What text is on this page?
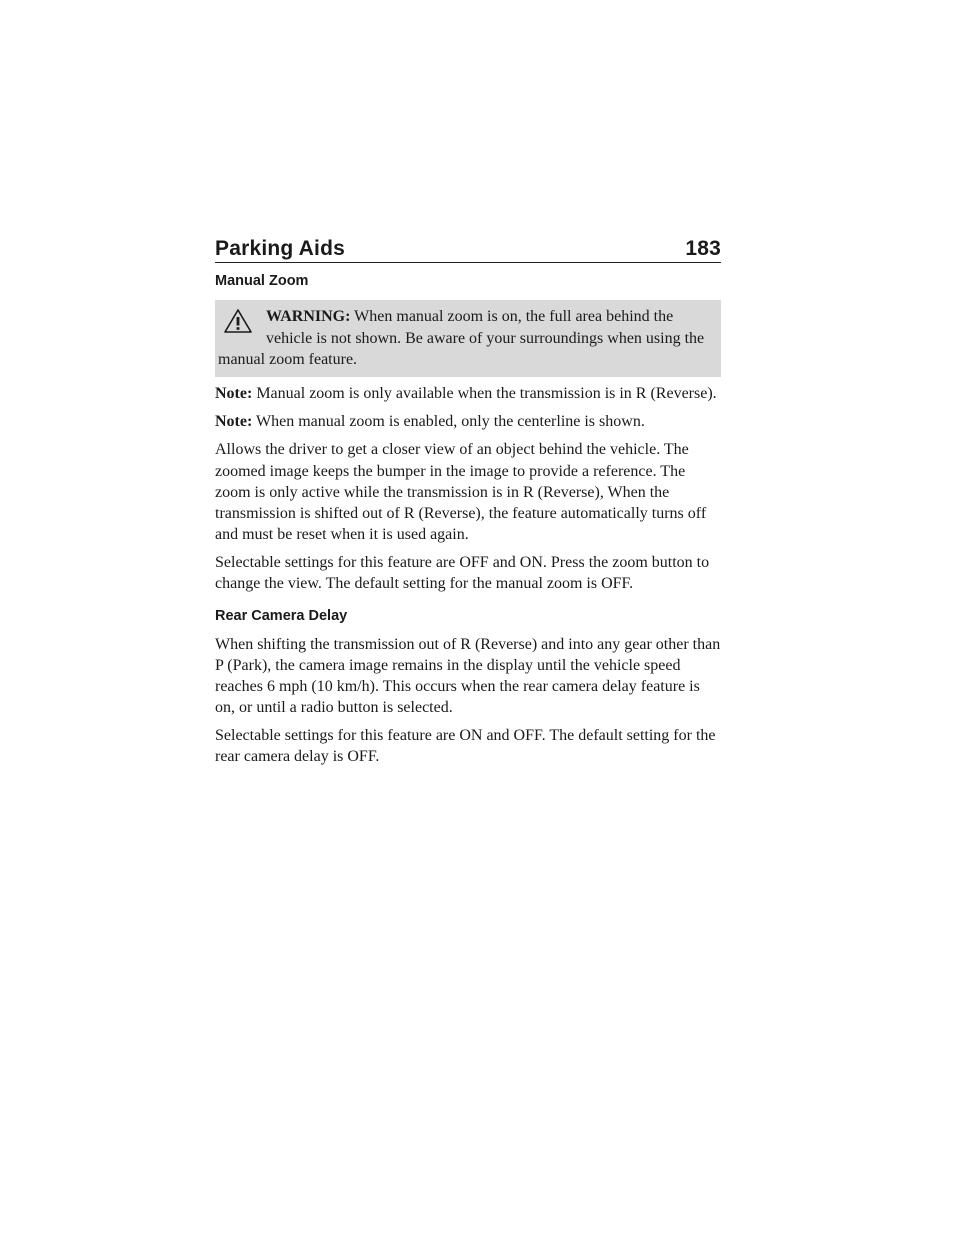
Parking Aids	183
Manual Zoom
WARNING: When manual zoom is on, the full area behind the vehicle is not shown. Be aware of your surroundings when using the manual zoom feature.

Note: Manual zoom is only available when the transmission is in R (Reverse).

Note: When manual zoom is enabled, only the centerline is shown.

Allows the driver to get a closer view of an object behind the vehicle. The zoomed image keeps the bumper in the image to provide a reference. The zoom is only active while the transmission is in R (Reverse), When the transmission is shifted out of R (Reverse), the feature automatically turns off and must be reset when it is used again.

Selectable settings for this feature are OFF and ON. Press the zoom button to change the view. The default setting for the manual zoom is OFF.

Rear Camera Delay

When shifting the transmission out of R (Reverse) and into any gear other than P (Park), the camera image remains in the display until the vehicle speed reaches 6 mph (10 km/h). This occurs when the rear camera delay feature is on, or until a radio button is selected.

Selectable settings for this feature are ON and OFF. The default setting for the rear camera delay is OFF.
